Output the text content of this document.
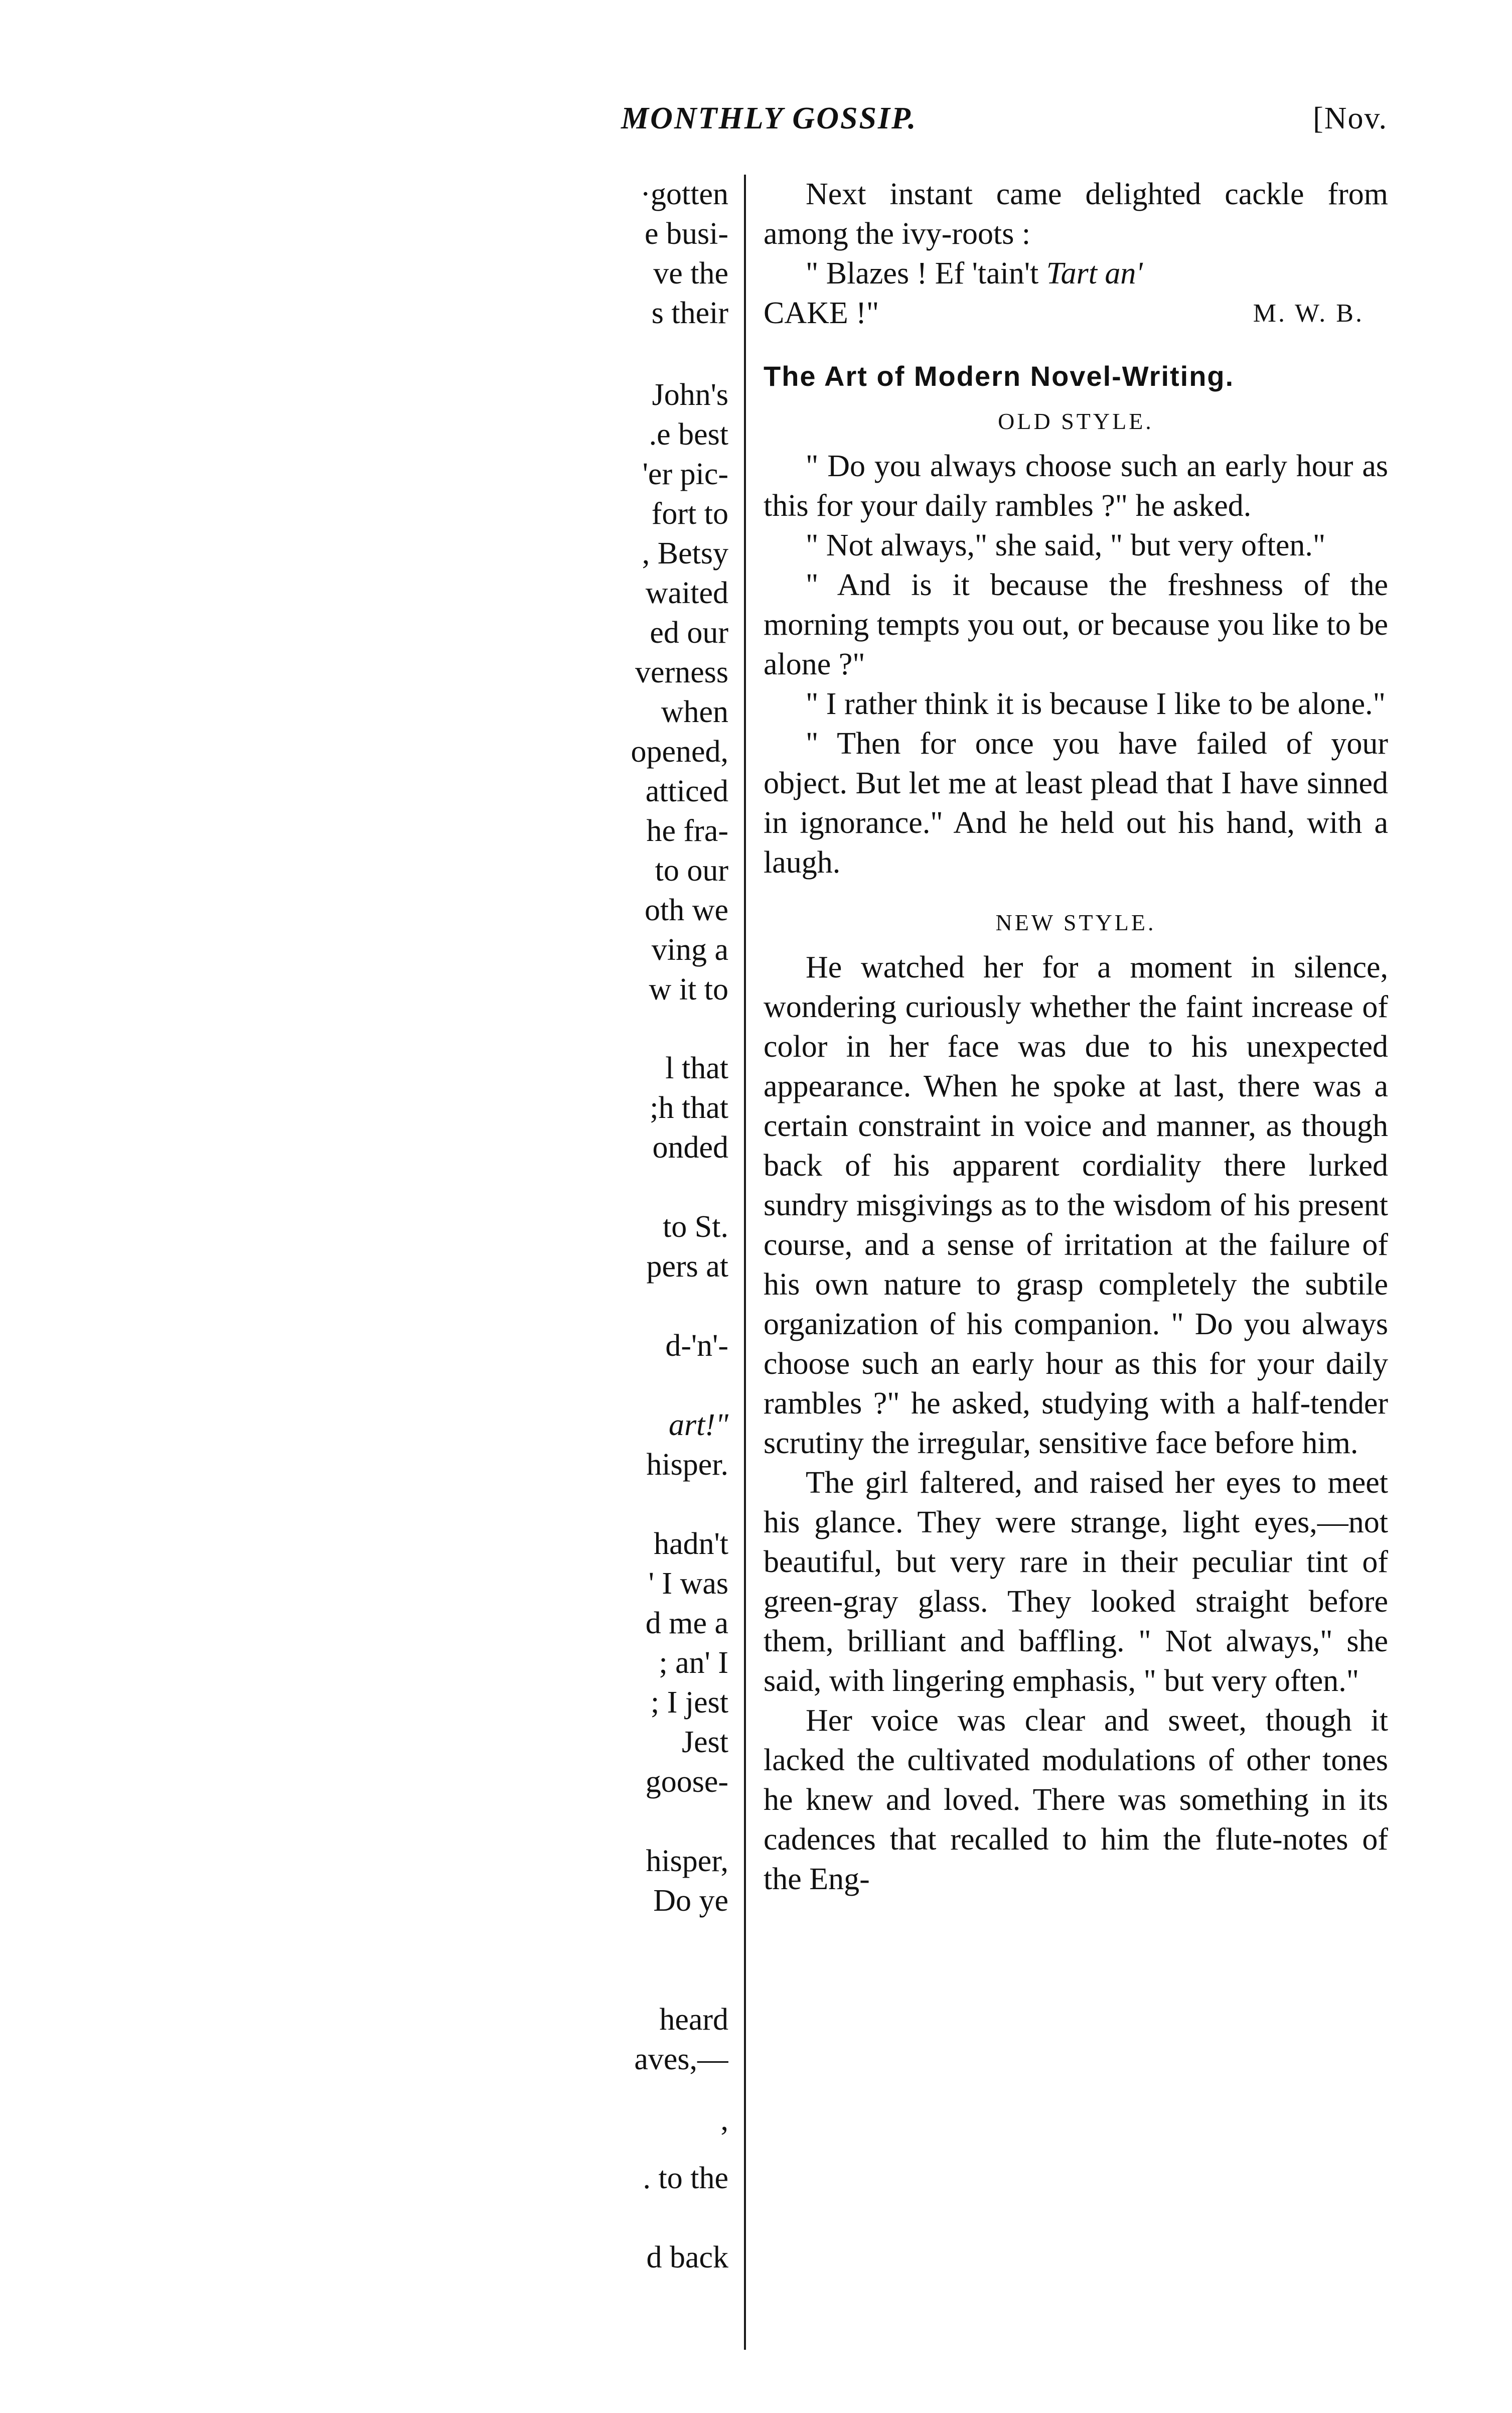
MONTHLY GOSSIP.	[Nov.
·gotten
e busi-
ve the
s their
John's
.e best
'er pic-
fort to
, Betsy
waited
ed our
verness
when
opened,
atticed
he fra-
to our
oth we
ving a
w it to
l that
;h that
onded
to St.
pers at
d-'n'-
art!"
hisper.
hadn't
' I was
d me a
; an' I
; I jest
Jest
goose-
hisper,
Do ye
heard
aves,—
,
. to the
d back

Next instant came delighted cackle from among the ivy-roots :

" Blazes ! Ef 'tain't Tart an'

CAKE !"	M. W. B.
The Art of Modern Novel-Writing.
OLD STYLE.

" Do you always choose such an early hour as this for your daily rambles ?" he asked.

" Not always," she said, " but very often."

" And is it because the freshness of the morning tempts you out, or because you like to be alone ?"

" I rather think it is because I like to be alone."

" Then for once you have failed of your object. But let me at least plead that I have sinned in ignorance." And he held out his hand, with a laugh.

NEW STYLE.

He watched her for a moment in silence, wondering curiously whether the faint increase of color in her face was due to his unexpected appearance. When he spoke at last, there was a certain constraint in voice and manner, as though back of his apparent cordiality there lurked sundry misgivings as to the wisdom of his present course, and a sense of irritation at the failure of his own nature to grasp completely the subtile organization of his companion. " Do you always choose such an early hour as this for your daily rambles ?" he asked, studying with a half-tender scrutiny the irregular, sensitive face before him.

The girl faltered, and raised her eyes to meet his glance. They were strange, light eyes,—not beautiful, but very rare in their peculiar tint of green-gray glass. They looked straight before them, brilliant and baffling. " Not always," she said, with lingering emphasis, " but very often."

Her voice was clear and sweet, though it lacked the cultivated modulations of other tones he knew and loved. There was something in its cadences that recalled to him the flute-notes of the Eng-
